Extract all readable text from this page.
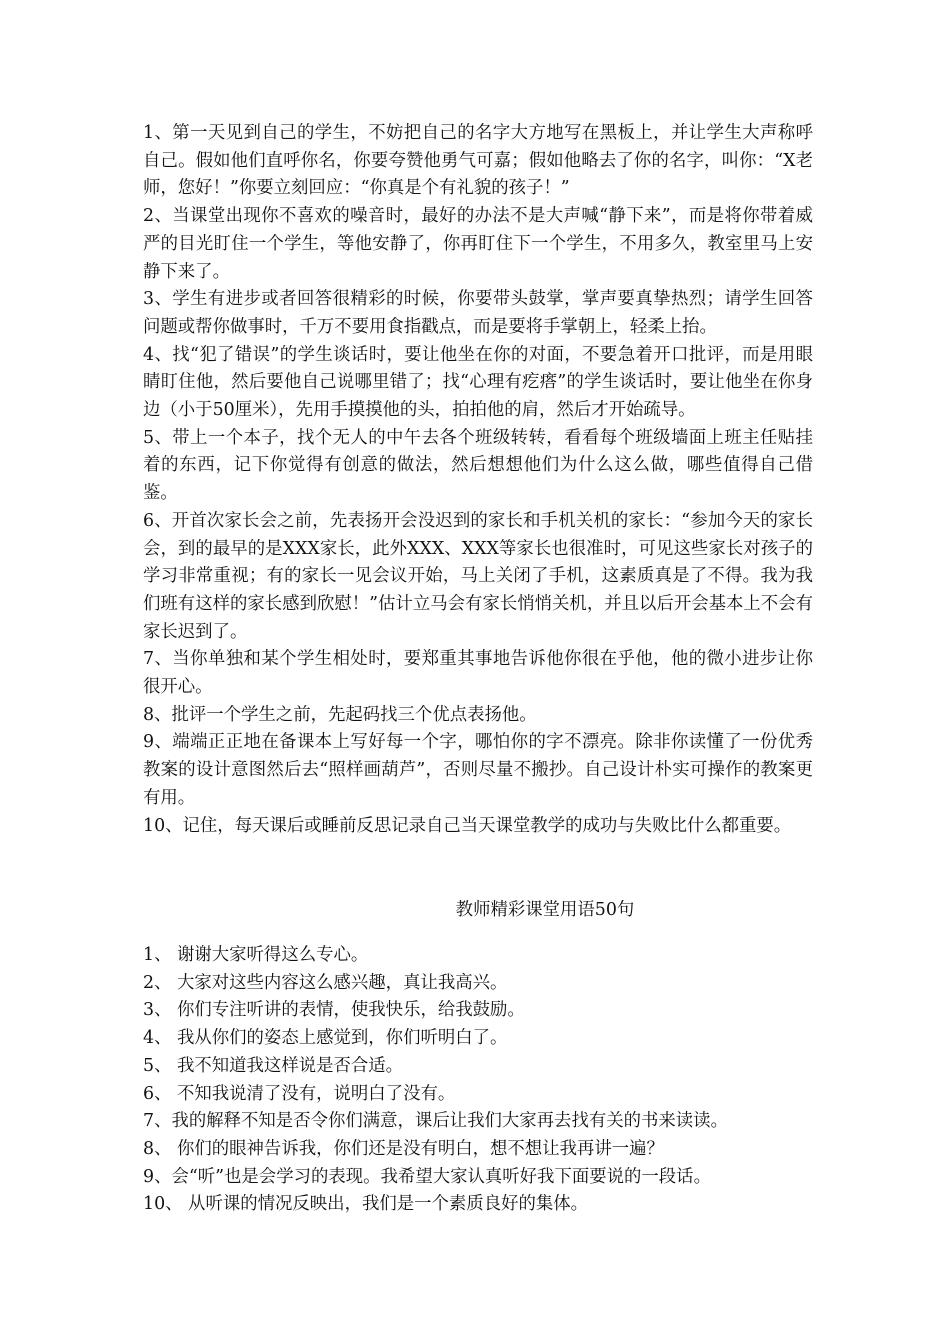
1、第一天见到自己的学生，不妨把自己的名字大方地写在黑板上，并让学生大声称呼自己。假如他们直呼你名，你要夸赞他勇气可嘉；假如他略去了你的名字，叫你：“X老师，您好！”你要立刻回应：“你真是个有礼貌的孩子！”
2、当课堂出现你不喜欢的噪音时，最好的办法不是大声喊“静下来”，而是将你带着威严的目光盯住一个学生，等他安静了，你再盯住下一个学生，不用多久，教室里马上安静下来了。
3、学生有进步或者回答很精彩的时候，你要带头鼓掌，掌声要真挚热烈；请学生回答问题或帮你做事时，千万不要用食指戳点，而是要将手掌朝上，轻柔上抬。
4、找“犯了错误”的学生谈话时，要让他坐在你的对面，不要急着开口批评，而是用眼睛盯住他，然后要他自己说哪里错了；找“心理有疙瘩”的学生谈话时，要让他坐在你身边（小于50厘米），先用手摸摸他的头，拍拍他的肩，然后才开始疏导。
5、带上一个本子，找个无人的中午去各个班级转转，看看每个班级墙面上班主任贴挂着的东西，记下你觉得有创意的做法，然后想想他们为什么这么做，哪些值得自己借鉴。
6、开首次家长会之前，先表扬开会没迟到的家长和手机关机的家长：“参加今天的家长会，到的最早的是XXX家长，此外XXX、XXX等家长也很准时，可见这些家长对孩子的学习非常重视；有的家长一见会议开始，马上关闭了手机，这素质真是了不得。我为我们班有这样的家长感到欣慰！”估计立马会有家长悄悄关机，并且以后开会基本上不会有家长迟到了。
7、当你单独和某个学生相处时，要郑重其事地告诉他你很在乎他，他的微小进步让你很开心。
8、批评一个学生之前，先起码找三个优点表扬他。
9、端端正正地在备课本上写好每一个字，哪怕你的字不漂亮。除非你读懂了一份优秀教案的设计意图然后去“照样画葫芦”，否则尽量不搬抄。自己设计朴实可操作的教案更有用。
10、记住，每天课后或睡前反思记录自己当天课堂教学的成功与失败比什么都重要。
教师精彩课堂用语50句
1、 谢谢大家听得这么专心。
2、 大家对这些内容这么感兴趣，真让我高兴。
3、 你们专注听讲的表情，使我快乐，给我鼓励。
4、 我从你们的姿态上感觉到，你们听明白了。
5、 我不知道我这样说是否合适。
6、 不知我说清了没有，说明白了没有。
7、我的解释不知是否令你们满意，课后让我们大家再去找有关的书来读读。
8、 你们的眼神告诉我，你们还是没有明白，想不想让我再讲一遍？
9、会“听”也是会学习的表现。我希望大家认真听好我下面要说的一段话。
10、 从听课的情况反映出，我们是一个素质良好的集体。
